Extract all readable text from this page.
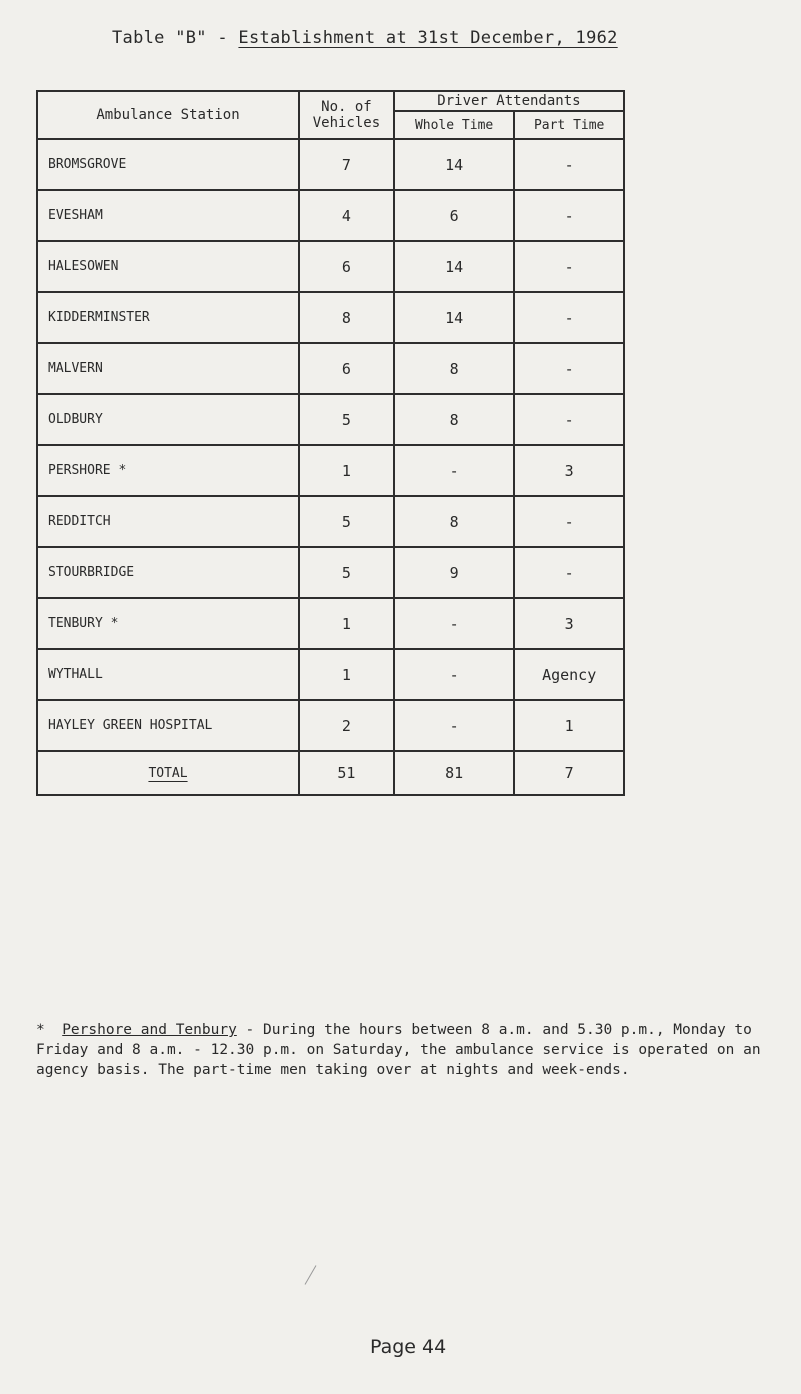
Table "B" - Establishment at 31st December, 1962
Ambulance Station	No. of Vehicles	Driver Attendants	
		Whole Time	Part Time
BROMSGROVE	7	14	-
EVESHAM	4	6	-
HALESOWEN	6	14	-
KIDDERMINSTER	8	14	-
MALVERN	6	8	-
OLDBURY	5	8	-
PERSHORE *	1	-	3
REDDITCH	5	8	-
STOURBRIDGE	5	9	-
TENBURY *	1	-	3
WYTHALL	1	-	Agency
HAYLEY GREEN HOSPITAL	2	-	1
TOTAL	51	81	7
* Pershore and Tenbury - During the hours between 8 a.m. and 5.30 p.m., Monday to Friday and 8 a.m. - 12.30 p.m. on Saturday, the ambulance service is operated on an agency basis. The part-time men taking over at nights and week-ends.
Page 44
